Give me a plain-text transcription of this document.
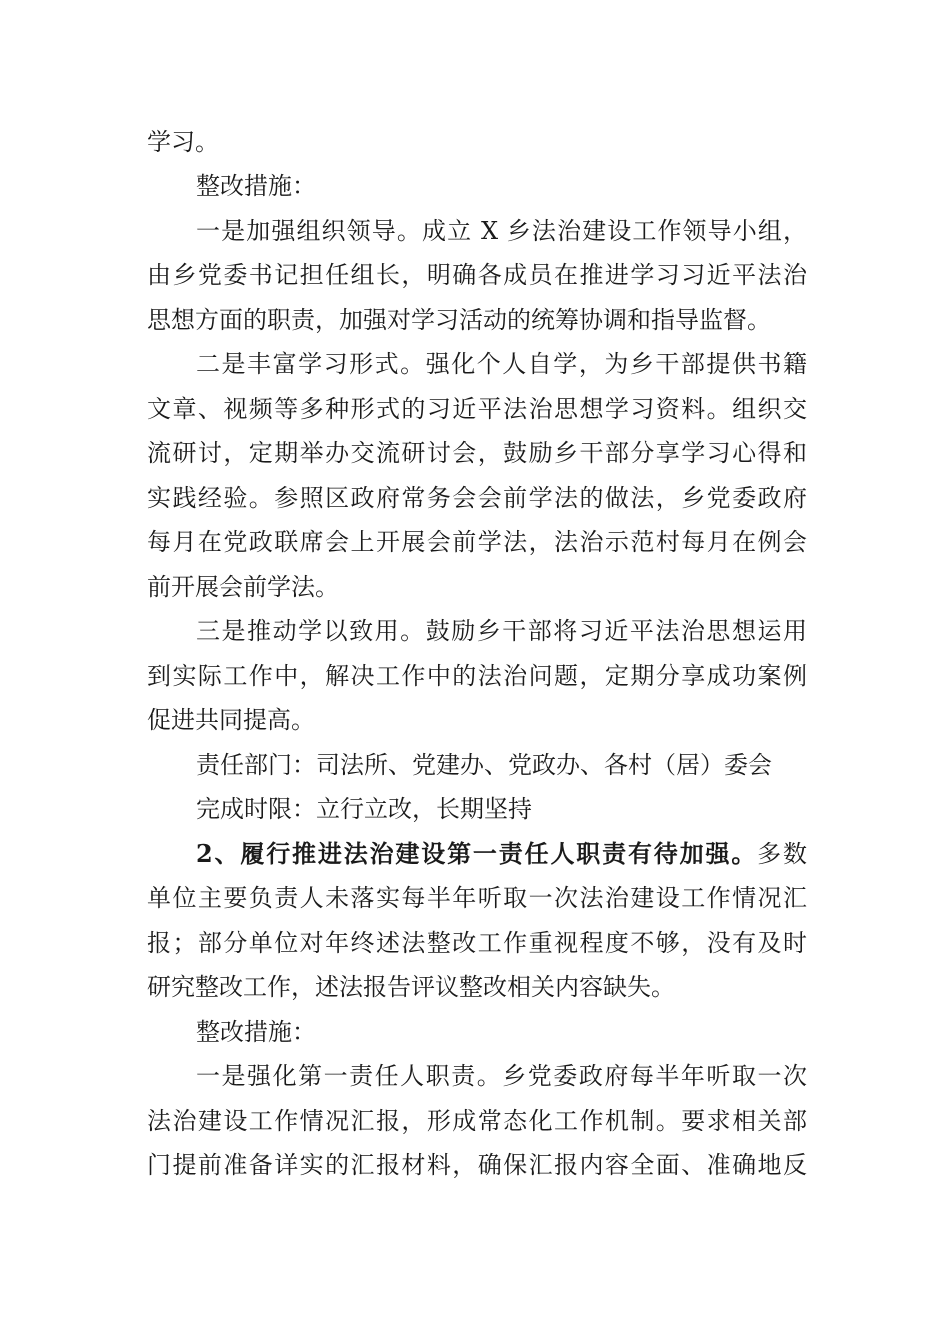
学习。
整改措施：
一是加强组织领导。成立 X 乡法治建设工作领导小组，
由乡党委书记担任组长，明确各成员在推进学习习近平法治
思想方面的职责，加强对学习活动的统筹协调和指导监督。
二是丰富学习形式。强化个人自学，为乡干部提供书籍
文章、视频等多种形式的习近平法治思想学习资料。组织交
流研讨，定期举办交流研讨会，鼓励乡干部分享学习心得和
实践经验。参照区政府常务会会前学法的做法，乡党委政府
每月在党政联席会上开展会前学法，法治示范村每月在例会
前开展会前学法。
三是推动学以致用。鼓励乡干部将习近平法治思想运用
到实际工作中，解决工作中的法治问题，定期分享成功案例
促进共同提高。
责任部门：司法所、党建办、党政办、各村（居）委会
完成时限：立行立改，长期坚持
2、履行推进法治建设第一责任人职责有待加强。多数
单位主要负责人未落实每半年听取一次法治建设工作情况汇
报；部分单位对年终述法整改工作重视程度不够，没有及时
研究整改工作，述法报告评议整改相关内容缺失。
整改措施：
一是强化第一责任人职责。乡党委政府每半年听取一次
法治建设工作情况汇报，形成常态化工作机制。要求相关部
门提前准备详实的汇报材料，确保汇报内容全面、准确地反
